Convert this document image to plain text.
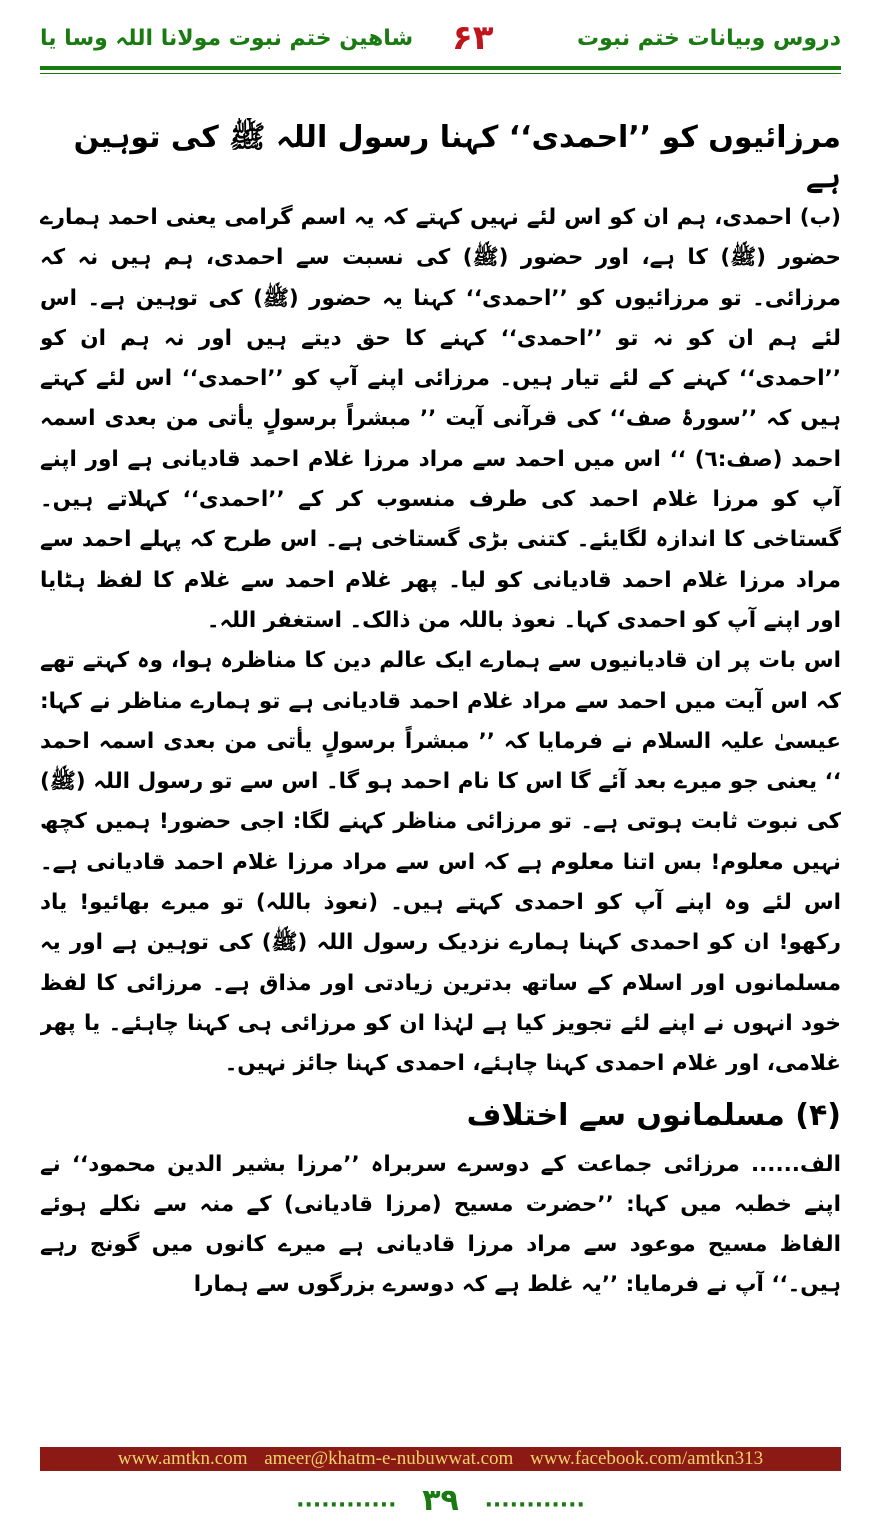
دروس وبیانات ختم نبوت
۶۳
شاھین ختم نبوت مولانا اللہ وسا یا
مرزائیوں کو ’’احمدی‘‘ کہنا رسول اللہ ﷺ کی توہین ہے

(ب) احمدی، ہم ان کو اس لئے نہیں کہتے کہ یہ اسم گرامی یعنی احمد ہمارے حضور (ﷺ) کا ہے، اور حضور (ﷺ) کی نسبت سے احمدی، ہم ہیں نہ کہ مرزائی۔ تو مرزائیوں کو ’’احمدی‘‘ کہنا یہ حضور (ﷺ) کی توہین ہے۔ اس لئے ہم ان کو نہ تو ’’احمدی‘‘ کہنے کا حق دیتے ہیں اور نہ ہم ان کو ’’احمدی‘‘ کہنے کے لئے تیار ہیں۔ مرزائی اپنے آپ کو ’’احمدی‘‘ اس لئے کہتے ہیں کہ ’’سورۂ صف‘‘ کی قرآنی آیت ’’ مبشراً برسولٍ یأتی من بعدی اسمہ احمد (صف:٦) ‘‘ اس میں احمد سے مراد مرزا غلام احمد قادیانی ہے اور اپنے آپ کو مرزا غلام احمد کی طرف منسوب کر کے ’’احمدی‘‘ کہلاتے ہیں۔ گستاخی کا اندازہ لگایئے۔ کتنی بڑی گستاخی ہے۔ اس طرح کہ پہلے احمد سے مراد مرزا غلام احمد قادیانی کو لیا۔ پھر غلام احمد سے غلام کا لفظ ہٹایا اور اپنے آپ کو احمدی کہا۔ نعوذ باللہ من ذالک۔ استغفر اللہ۔

اس بات پر ان قادیانیوں سے ہمارے ایک عالم دین کا مناظرہ ہوا، وہ کہتے تھے کہ اس آیت میں احمد سے مراد غلام احمد قادیانی ہے تو ہمارے مناظر نے کہا: عیسیٰ علیہ السلام نے فرمایا کہ ’’ مبشراً برسولٍ یأتی من بعدی اسمہ احمد ‘‘ یعنی جو میرے بعد آئے گا اس کا نام احمد ہو گا۔ اس سے تو رسول اللہ (ﷺ) کی نبوت ثابت ہوتی ہے۔ تو مرزائی مناظر کہنے لگا: اجی حضور! ہمیں کچھ نہیں معلوم! بس اتنا معلوم ہے کہ اس سے مراد مرزا غلام احمد قادیانی ہے۔ اس لئے وہ اپنے آپ کو احمدی کہتے ہیں۔ (نعوذ باللہ) تو میرے بھائیو! یاد رکھو! ان کو احمدی کہنا ہمارے نزدیک رسول اللہ (ﷺ) کی توہین ہے اور یہ مسلمانوں اور اسلام کے ساتھ بدترین زیادتی اور مذاق ہے۔ مرزائی کا لفظ خود انہوں نے اپنے لئے تجویز کیا ہے لہٰذا ان کو مرزائی ہی کہنا چاہئے۔ یا پھر غلامی، اور غلام احمدی کہنا چاہئے، احمدی کہنا جائز نہیں۔

(۴) مسلمانوں سے اختلاف

الف...... مرزائی جماعت کے دوسرے سربراہ ’’مرزا بشیر الدین محمود‘‘ نے اپنے خطبہ میں کہا: ’’حضرت مسیح (مرزا قادیانی) کے منہ سے نکلے ہوئے الفاظ مسیح موعود سے مراد مرزا قادیانی ہے میرے کانوں میں گونج رہے ہیں۔‘‘ آپ نے فرمایا: ’’یہ غلط ہے کہ دوسرے بزرگوں سے ہمارا

www.amtkn.com ameer@khatm-e-nubuwwat.com www.facebook.com/amtkn313
............ ۳۹ ............
